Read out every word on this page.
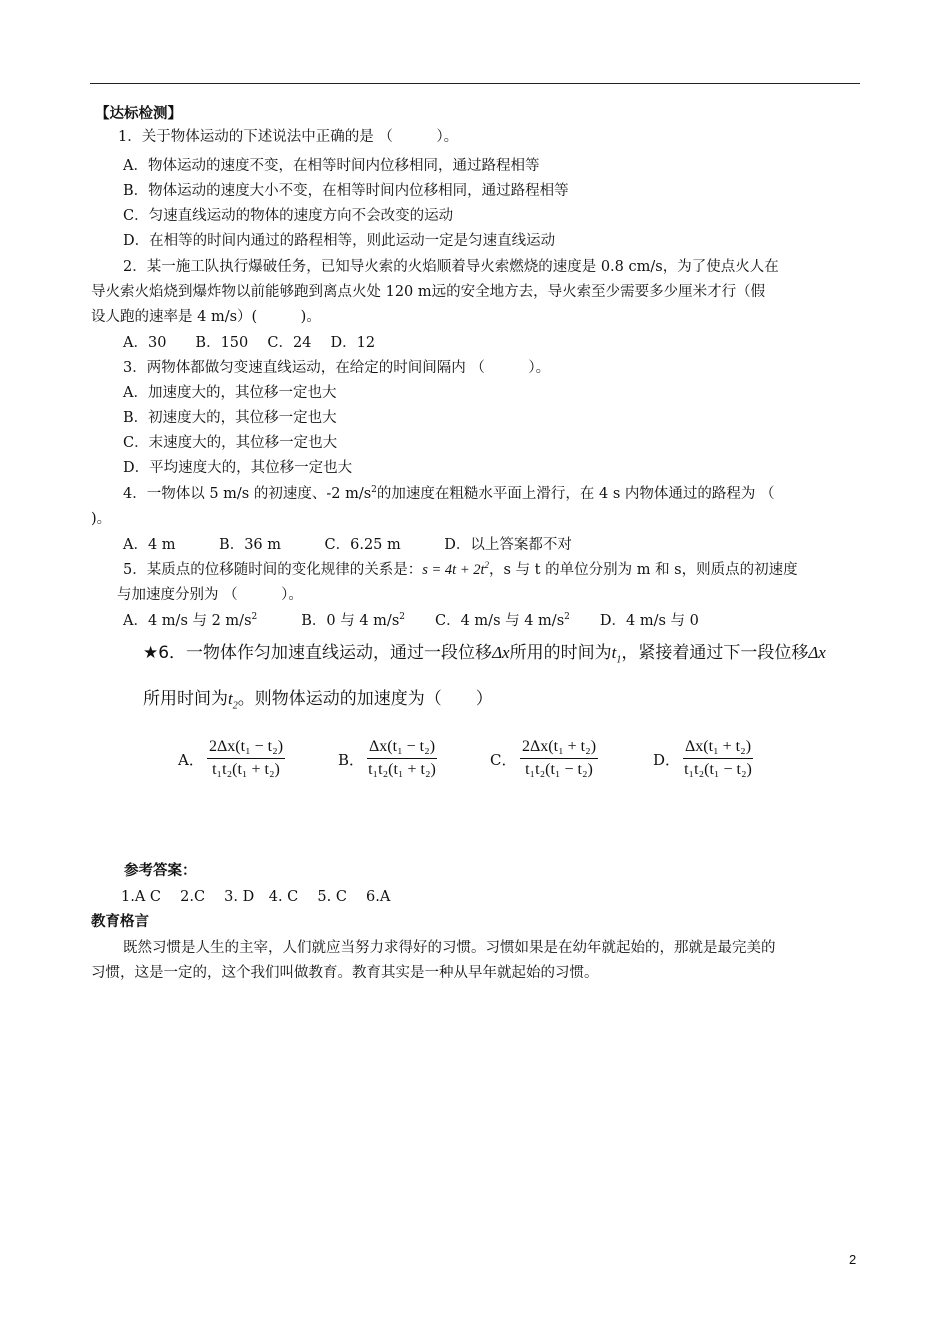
【达标检测】
1．关于物体运动的下述说法中正确的是 （　　　）。
A．物体运动的速度不变，在相等时间内位移相同，通过路程相等
B．物体运动的速度大小不变，在相等时间内位移相同，通过路程相等
C．匀速直线运动的物体的速度方向不会改变的运动
D．在相等的时间内通过的路程相等，则此运动一定是匀速直线运动
2．某一施工队执行爆破任务，已知导火索的火焰顺着导火索燃烧的速度是 0.8 cm/s，为了使点火人在
导火索火焰烧到爆炸物以前能够跑到离点火处 120 m远的安全地方去，导火索至少需要多少厘米才行（假
设人跑的速率是 4 m/s）(　　　)。
A．30　　B．150　 C．24　 D．12
3．两物体都做匀变速直线运动，在给定的时间间隔内 （　　　）。
A．加速度大的，其位移一定也大
B．初速度大的，其位移一定也大
C．末速度大的，其位移一定也大
D．平均速度大的，其位移一定也大
4．一物体以 5 m/s 的初速度、-2 $m/s^2$的加速度在粗糙水平面上滑行，在 4 s 内物体通过的路程为 （
)。
A．4 m　　　B．36 m　　　C．6.25 m　　　D．以上答案都不对
5．某质点的位移随时间的变化规律的关系是：$s = 4t + 2t^2$，s 与 t 的单位分别为 m 和 s，则质点的初速度
与加速度分别为 （　　　）。
A．4 m/s 与 2 $m/s^2$	B．0 与 4 $m/s^2$ C．4 m/s 与 4 $m/s^2$ D．4 m/s 与 0
★6．一物体作匀加速直线运动，通过一段位移Δx所用的时间为$t_1$，紧接着通过下一段位移Δx
所用时间为$t_2$。则物体运动的加速度为（　　）
A． $\frac{\text{2Δx(t₁ − t₂)}}{\text{t₁t₂(t₁ + t₂)}}$	B． $\frac{\text{Δx(t₁ − t₂)}}{\text{t₁t₂(t₁ + t₂)}}$	C． $\frac{\text{2Δx(t₁ + t₂)}}{\text{t₁t₂(t₁ − t₂)}}$	D． $\frac{\text{Δx(t₁ + t₂)}}{\text{t₁t₂(t₁ − t₂)}}$
参考答案：
1.A C　 2.C　 3. D　4. C　 5. C　 6.A
教育格言
既然习惯是人生的主宰，人们就应当努力求得好的习惯。习惯如果是在幼年就起始的，那就是最完美的
习惯，这是一定的，这个我们叫做教育。教育其实是一种从早年就起始的习惯。
2
